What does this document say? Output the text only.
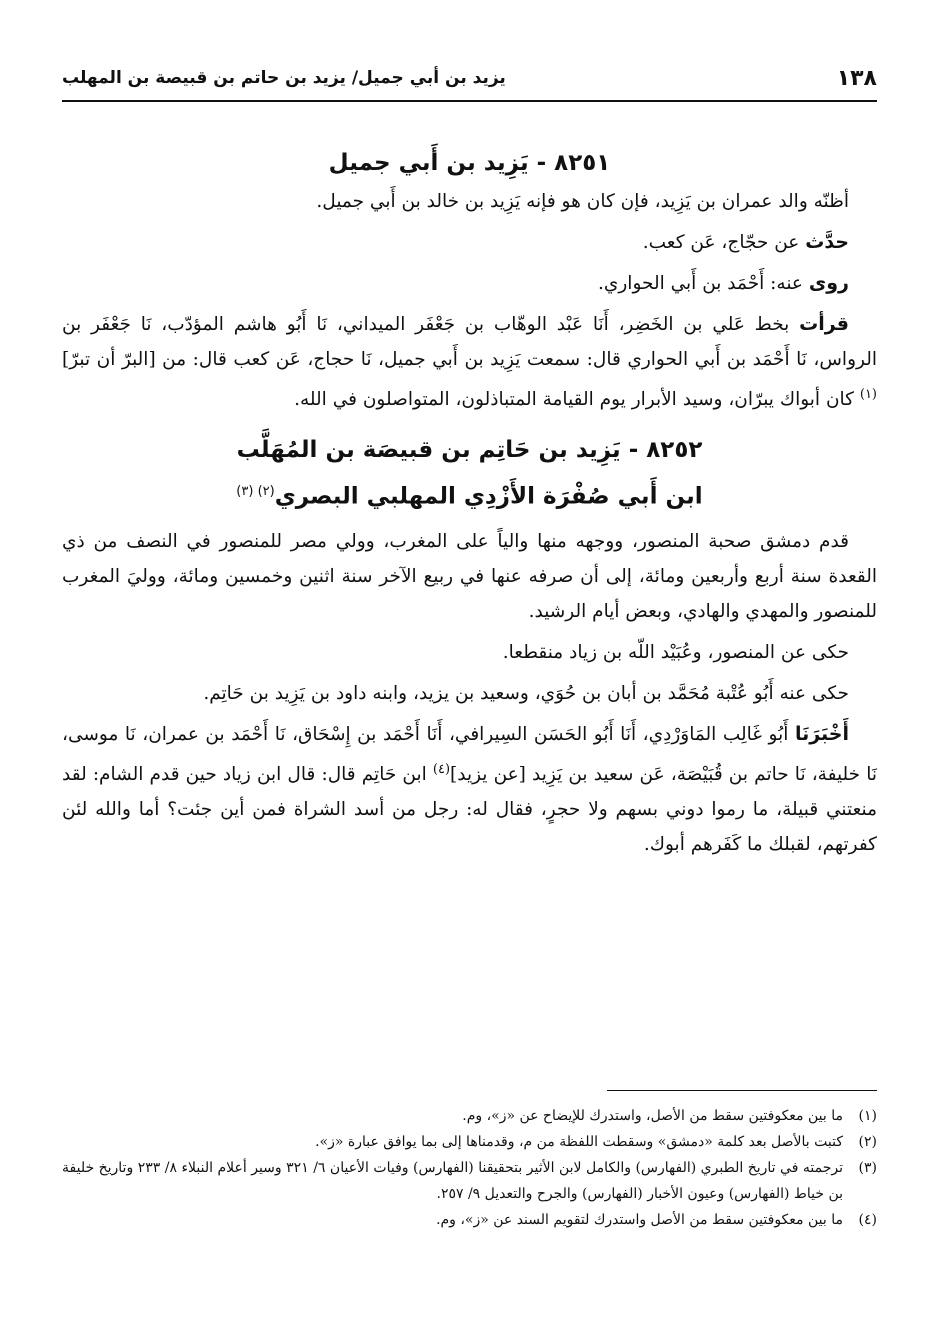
١٣٨
يزيد بن أبي جميل/ يزيد بن حاتم بن قبيصة بن المهلب
٨٢٥١ - يَزِيد بن أَبي جميل

أظنّه والد عمران بن يَزِيد، فإن كان هو فإنه يَزِيد بن خالد بن أَبي جميل.

حدَّث عن حجّاج، عَن كعب.

روى عنه: أَحْمَد بن أَبي الحواري.

قرأت بخط عَلي بن الخَضِر، أَنَا عَبْد الوهّاب بن جَعْفَر الميداني، نَا أَبُو هاشم المؤدّب، نَا جَعْفَر بن الرواس، نَا أَحْمَد بن أَبي الحواري قال: سمعت يَزِيد بن أَبي جميل، نَا حجاج، عَن كعب قال: من [البرّ أن تبرّ]$^{(١)}$ كان أبواك يبرّان، وسيد الأبرار يوم القيامة المتباذلون، المتواصلون في الله.

٨٢٥٢ - يَزِيد بن حَاتِم بن قبيصَة بن المُهَلَّب
ابن أَبي صُفْرَة الأَزْدِي المهلبي البصري$^{(٢) (٣)}$

قدم دمشق صحبة المنصور، ووجهه منها والياً على المغرب، وولي مصر للمنصور في النصف من ذي القعدة سنة أربع وأربعين ومائة، إلى أن صرفه عنها في ربيع الآخر سنة اثنين وخمسين ومائة، ووليَ المغرب للمنصور والمهدي والهادي، وبعض أيام الرشيد.

حكى عن المنصور، وعُبَيْد اللّه بن زياد منقطعا.

حكى عنه أَبُو عُتْبة مُحَمَّد بن أبان بن حُوَي، وسعيد بن يزيد، وابنه داود بن يَزِيد بن حَاتِم.

أَخْبَرَنَا أَبُو غَالِب المَاوَرْدِي، أَنَا أَبُو الحَسَن السِيرافي، أَنَا أَحْمَد بن إِسْحَاق، نَا أَحْمَد بن عمران، نَا موسى، نَا خليفة، نَا حاتم بن قُبَيْصَة، عَن سعيد بن يَزِيد [عن يزيد]$^{(٤)}$ ابن حَاتِم قال: قال ابن زياد حين قدم الشام: لقد منعتني قبيلة، ما رموا دوني بسهم ولا حجرٍ، فقال له: رجل من أسد الشراة فمن أين جئت؟ أما والله لئن كفرتهم، لقبلك ما كَفَرهم أبوك.

(١)
ما بين معكوفتين سقط من الأصل، واستدرك للإيضاح عن «ز»، وم.

(٢)
كتبت بالأصل بعد كلمة «دمشق» وسقطت اللفظة من م، وقدمناها إلى بما يوافق عبارة «ز».

(٣)
ترجمته في تاريخ الطبري (الفهارس) والكامل لابن الأثير بتحقيقنا (الفهارس) وفيات الأعيان ٦/ ٣٢١ وسير أعلام النبلاء ٨/ ٢٣٣ وتاريخ خليفة بن خياط (الفهارس) وعيون الأخبار (الفهارس) والجرح والتعديل ٩/ ٢٥٧.

(٤)
ما بين معكوفتين سقط من الأصل واستدرك لتقويم السند عن «ز»، وم.
